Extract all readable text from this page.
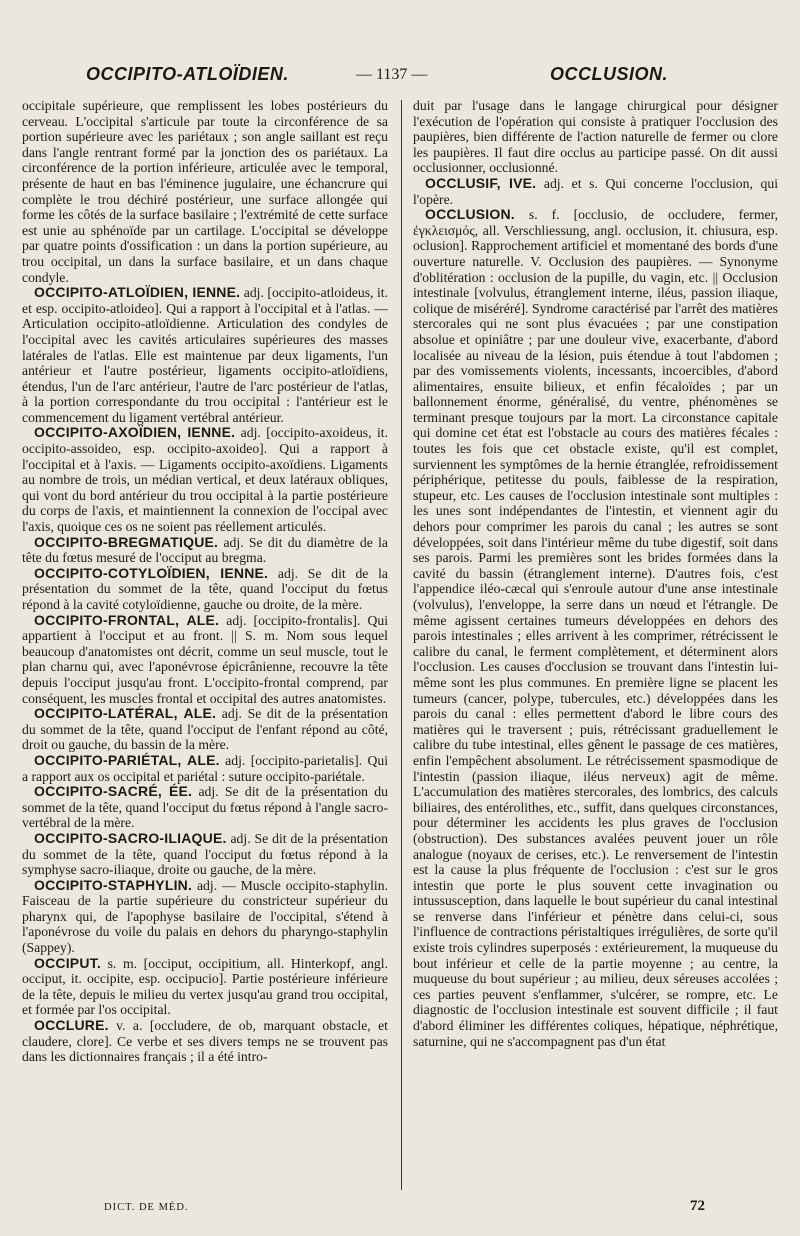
OCCIPITO-ATLOÏDIEN.	— 1137 —	OCCLUSION.

occipitale supérieure, que remplissent les lobes postérieurs du cerveau. L'occipital s'articule par toute la circonférence de sa portion supérieure avec les pariétaux ; son angle saillant est reçu dans l'angle rentrant formé par la jonction des os pariétaux. La circonférence de la portion inférieure, articulée avec le temporal, présente de haut en bas l'éminence jugulaire, une échancrure qui complète le trou déchiré postérieur, une surface allongée qui forme les côtés de la surface basilaire ; l'extrémité de cette surface est unie au sphénoïde par un cartilage. L'occipital se développe par quatre points d'ossification : un dans la portion supérieure, au trou occipital, un dans la surface basilaire, et un dans chaque condyle.

OCCIPITO-ATLOÏDIEN, IENNE. adj. [occipito-atloideus, it. et esp. occipito-atloideo]. Qui a rapport à l'occipital et à l'atlas. — Articulation occipito-atloïdienne. Articulation des condyles de l'occipital avec les cavités articulaires supérieures des masses latérales de l'atlas. Elle est maintenue par deux ligaments, l'un antérieur et l'autre postérieur, ligaments occipito-atloïdiens, étendus, l'un de l'arc antérieur, l'autre de l'arc postérieur de l'atlas, à la portion correspondante du trou occipital : l'antérieur est le commencement du ligament vertébral antérieur.

OCCIPITO-AXOÏDIEN, IENNE. adj. [occipito-axoideus, it. occipito-assoideo, esp. occipito-axoideo]. Qui a rapport à l'occipital et à l'axis. — Ligaments occipito-axoïdiens. Ligaments au nombre de trois, un médian vertical, et deux latéraux obliques, qui vont du bord antérieur du trou occipital à la partie postérieure du corps de l'axis, et maintiennent la connexion de l'occipal avec l'axis, quoique ces os ne soient pas réellement articulés.

OCCIPITO-BREGMATIQUE. adj. Se dit du diamètre de la tête du fœtus mesuré de l'occiput au bregma.

OCCIPITO-COTYLOÏDIEN, IENNE. adj. Se dit de la présentation du sommet de la tête, quand l'occiput du fœtus répond à la cavité cotyloïdienne, gauche ou droite, de la mère.

OCCIPITO-FRONTAL, ALE. adj. [occipito-frontalis]. Qui appartient à l'occiput et au front. || S. m. Nom sous lequel beaucoup d'anatomistes ont décrit, comme un seul muscle, tout le plan charnu qui, avec l'aponévrose épicrânienne, recouvre la tête depuis l'occiput jusqu'au front. L'occipito-frontal comprend, par conséquent, les muscles frontal et occipital des autres anatomistes.

OCCIPITO-LATÉRAL, ALE. adj. Se dit de la présentation du sommet de la tête, quand l'occiput de l'enfant répond au côté, droit ou gauche, du bassin de la mère.

OCCIPITO-PARIÉTAL, ALE. adj. [occipito-parietalis]. Qui a rapport aux os occipital et pariétal : suture occipito-pariétale.

OCCIPITO-SACRÉ, ÉE. adj. Se dit de la présentation du sommet de la tête, quand l'occiput du fœtus répond à l'angle sacro-vertébral de la mère.

OCCIPITO-SACRO-ILIAQUE. adj. Se dit de la présentation du sommet de la tête, quand l'occiput du fœtus répond à la symphyse sacro-iliaque, droite ou gauche, de la mère.

OCCIPITO-STAPHYLIN. adj. — Muscle occipito-staphylin. Faisceau de la partie supérieure du constricteur supérieur du pharynx qui, de l'apophyse basilaire de l'occipital, s'étend à l'aponévrose du voile du palais en dehors du pharyngo-staphylin (Sappey).

OCCIPUT. s. m. [occiput, occipitium, all. Hinterkopf, angl. occiput, it. occipite, esp. occipucio]. Partie postérieure inférieure de la tête, depuis le milieu du vertex jusqu'au grand trou occipital, et formée par l'os occipital.

OCCLURE. v. a. [occludere, de ob, marquant obstacle, et claudere, clore]. Ce verbe et ses divers temps ne se trouvent pas dans les dictionnaires français ; il a été intro-

duit par l'usage dans le langage chirurgical pour désigner l'exécution de l'opération qui consiste à pratiquer l'occlusion des paupières, bien différente de l'action naturelle de fermer ou clore les paupières. Il faut dire occlus au participe passé. On dit aussi occlusionner, occlusionné.

OCCLUSIF, IVE. adj. et s. Qui concerne l'occlusion, qui l'opère.

OCCLUSION. s. f. [occlusio, de occludere, fermer, ἐγκλεισμός, all. Verschliessung, angl. occlusion, it. chiusura, esp. oclusion]. Rapprochement artificiel et momentané des bords d'une ouverture naturelle. V. Occlusion des paupières. — Synonyme d'oblitération : occlusion de la pupille, du vagin, etc. || Occlusion intestinale [volvulus, étranglement interne, iléus, passion iliaque, colique de miséréré]. Syndrome caractérisé par l'arrêt des matières stercorales qui ne sont plus évacuées ; par une constipation absolue et opiniâtre ; par une douleur vive, exacerbante, d'abord localisée au niveau de la lésion, puis étendue à tout l'abdomen ; par des vomissements violents, incessants, incoercibles, d'abord alimentaires, ensuite bilieux, et enfin fécaloïdes ; par un ballonnement énorme, généralisé, du ventre, phénomènes se terminant presque toujours par la mort. La circonstance capitale qui domine cet état est l'obstacle au cours des matières fécales : toutes les fois que cet obstacle existe, qu'il est complet, surviennent les symptômes de la hernie étranglée, refroidissement périphérique, petitesse du pouls, faiblesse de la respiration, stupeur, etc. Les causes de l'occlusion intestinale sont multiples : les unes sont indépendantes de l'intestin, et viennent agir du dehors pour comprimer les parois du canal ; les autres se sont développées, soit dans l'intérieur même du tube digestif, soit dans ses parois. Parmi les premières sont les brides formées dans la cavité du bassin (étranglement interne). D'autres fois, c'est l'appendice iléo-cæcal qui s'enroule autour d'une anse intestinale (volvulus), l'enveloppe, la serre dans un nœud et l'étrangle. De même agissent certaines tumeurs développées en dehors des parois intestinales ; elles arrivent à les comprimer, rétrécissent le calibre du canal, le ferment complètement, et déterminent alors l'occlusion. Les causes d'occlusion se trouvant dans l'intestin lui-même sont les plus communes. En première ligne se placent les tumeurs (cancer, polype, tubercules, etc.) développées dans les parois du canal : elles permettent d'abord le libre cours des matières qui le traversent ; puis, rétrécissant graduellement le calibre du tube intestinal, elles gênent le passage de ces matières, enfin l'empêchent absolument. Le rétrécissement spasmodique de l'intestin (passion iliaque, iléus nerveux) agit de même. L'accumulation des matières stercorales, des lombrics, des calculs biliaires, des entérolithes, etc., suffit, dans quelques circonstances, pour déterminer les accidents les plus graves de l'occlusion (obstruction). Des substances avalées peuvent jouer un rôle analogue (noyaux de cerises, etc.). Le renversement de l'intestin est la cause la plus fréquente de l'occlusion : c'est sur le gros intestin que porte le plus souvent cette invagination ou intussusception, dans laquelle le bout supérieur du canal intestinal se renverse dans l'inférieur et pénètre dans celui-ci, sous l'influence de contractions péristaltiques irrégulières, de sorte qu'il existe trois cylindres superposés : extérieurement, la muqueuse du bout inférieur et celle de la partie moyenne ; au centre, la muqueuse du bout supérieur ; au milieu, deux séreuses accolées ; ces parties peuvent s'enflammer, s'ulcérer, se rompre, etc. Le diagnostic de l'occlusion intestinale est souvent difficile ; il faut d'abord éliminer les différentes coliques, hépatique, néphrétique, saturnine, qui ne s'accompagnent pas d'un état

DICT. DE MÉD.	72
